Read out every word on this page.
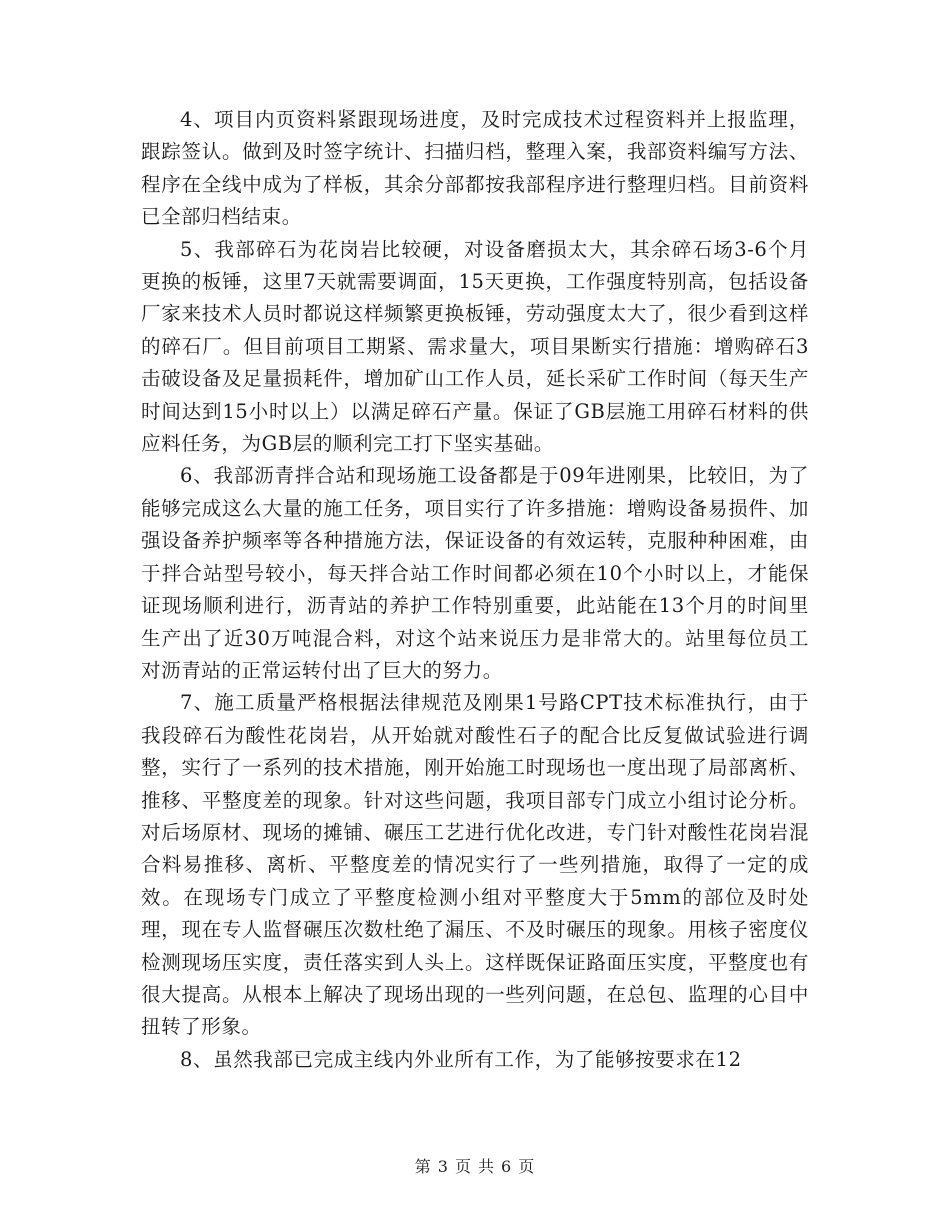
4、项目内页资料紧跟现场进度，及时完成技术过程资料并上报监理，跟踪签认。做到及时签字统计、扫描归档，整理入案，我部资料编写方法、程序在全线中成为了样板，其余分部都按我部程序进行整理归档。目前资料已全部归档结束。

5、我部碎石为花岗岩比较硬，对设备磨损太大，其余碎石场3-6个月更换的板锤，这里7天就需要调面，15天更换，工作强度特别高，包括设备厂家来技术人员时都说这样频繁更换板锤，劳动强度太大了，很少看到这样的碎石厂。但目前项目工期紧、需求量大，项目果断实行措施：增购碎石3击破设备及足量损耗件，增加矿山工作人员，延长采矿工作时间（每天生产时间达到15小时以上）以满足碎石产量。保证了GB层施工用碎石材料的供应料任务，为GB层的顺利完工打下坚实基础。

6、我部沥青拌合站和现场施工设备都是于09年进刚果，比较旧，为了能够完成这么大量的施工任务，项目实行了许多措施：增购设备易损件、加强设备养护频率等各种措施方法，保证设备的有效运转，克服种种困难，由于拌合站型号较小，每天拌合站工作时间都必须在10个小时以上，才能保证现场顺利进行，沥青站的养护工作特别重要，此站能在13个月的时间里生产出了近30万吨混合料，对这个站来说压力是非常大的。站里每位员工对沥青站的正常运转付出了巨大的努力。

7、施工质量严格根据法律规范及刚果1号路CPT技术标准执行，由于我段碎石为酸性花岗岩，从开始就对酸性石子的配合比反复做试验进行调整，实行了一系列的技术措施，刚开始施工时现场也一度出现了局部离析、推移、平整度差的现象。针对这些问题，我项目部专门成立小组讨论分析。对后场原材、现场的摊铺、碾压工艺进行优化改进，专门针对酸性花岗岩混合料易推移、离析、平整度差的情况实行了一些列措施，取得了一定的成效。在现场专门成立了平整度检测小组对平整度大于5mm的部位及时处理，现在专人监督碾压次数杜绝了漏压、不及时碾压的现象。用核子密度仪检测现场压实度，责任落实到人头上。这样既保证路面压实度，平整度也有很大提高。从根本上解决了现场出现的一些列问题，在总包、监理的心目中扭转了形象。

8、虽然我部已完成主线内外业所有工作，为了能够按要求在12

第 3 页 共 6 页
